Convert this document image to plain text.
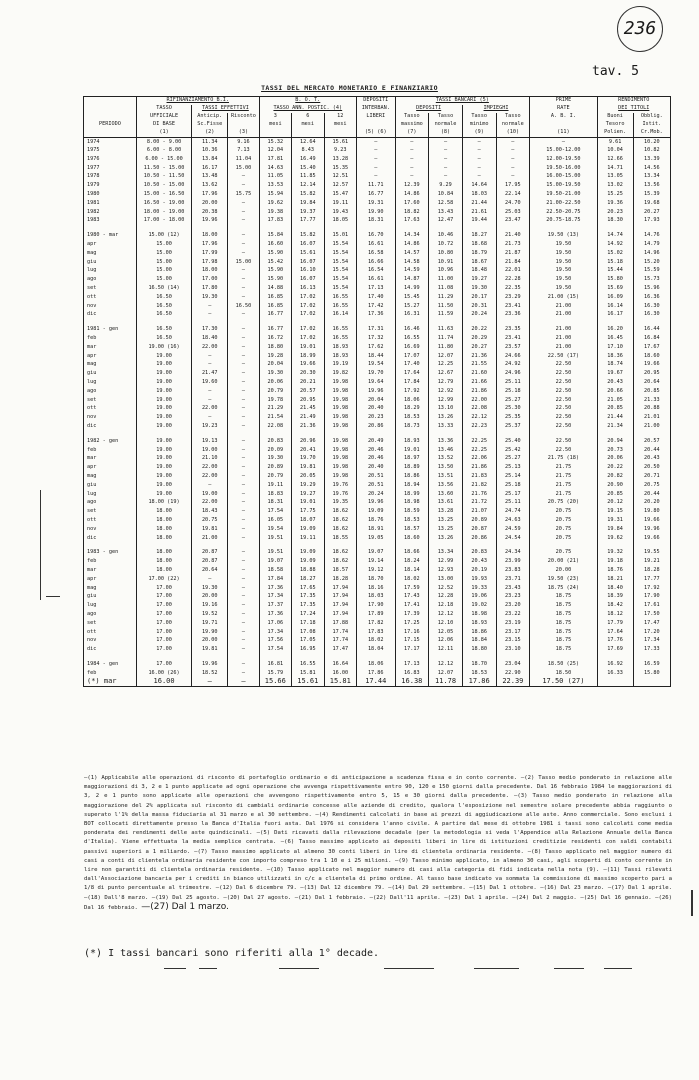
236
tav. 5
TASSI DEL MERCATO MONETARIO E FINANZIARIO
	RIFINANZIAMENTO B.I.			B. O. T.			DEPOSITI	TASSI BANCARI (5)				PRIME	RENDIMENTO	
	TASSO	TASSI EFFETTIVI		TASSO ANN. POSTIC. (4)			INTERBAN.	DEPOSITI		IMPIEGHI		RATE	DEI TITOLI	
	UFFICIALE	Anticip.	Risconto	3	6	12	LIBERI	Tasso	Tasso	Tasso	Tasso	A. B. I.	Buoni	Obblig.
PERIODO	DI BASE	Sc.Fisse		mesi	mesi	mesi		massimo	normale	minimo	normale		Tesoro	Istit.
	(1)	(2)	(3)				(5) (6)	(7)	(8)	(9)	(10)	(11)	Polien.	Cr.Mob.
1974	8.00 - 9.00	11.34	9.16	15.32	12.64	15.61	—	—	—	—	—	—	9.61	10.20
1975	6.00 - 8.00	10.36	7.13	12.04	8.43	9.23	—	—	—	—	—	15.00-12.00	10.04	10.82
1976	6.00 - 15.00	13.84	11.04	17.81	16.49	13.28	—	—	—	—	—	12.00-19.50	12.66	13.39
1977	11.50 - 15.00	16.17	15.00	14.63	15.40	15.35	—	—	—	—	—	19.50-16.00	14.71	14.56
1978	10.50 - 11.50	13.48	—	11.05	11.85	12.51	—	—	—	—	—	16.00-15.00	13.05	13.34
1979	10.50 - 15.00	13.62	—	13.53	12.14	12.57	11.71	12.39	9.29	14.64	17.95	15.00-19.50	13.02	13.56
1980	15.00 - 16.50	17.96	15.75	15.94	15.82	15.47	16.77	14.86	10.84	18.03	22.14	19.50-21.00	15.25	15.39
1981	16.50 - 19.00	20.00	—	19.62	19.84	19.11	19.31	17.60	12.58	21.44	24.70	21.00-22.50	19.36	19.68
1982	18.00 - 19.00	20.38	—	19.38	19.37	19.43	19.90	18.82	13.43	21.61	25.03	22.50-20.75	20.23	20.27
1983	17.00 - 18.00	19.96	—	17.83	17.77	18.05	18.31	17.63	12.47	19.44	23.47	20.75-18.75	18.30	17.93

1980 - mar	15.00 (12)	18.00	—	15.84	15.82	15.01	16.70	14.34	10.46	18.27	21.40	19.50 (13)	14.74	14.76
apr	15.00	17.96	—	16.60	16.07	15.54	16.61	14.86	10.72	18.68	21.73	19.50	14.92	14.79
mag	15.00	17.99	—	15.90	15.61	15.54	16.58	14.57	10.80	18.79	21.87	19.50	15.02	14.96
giu	15.00	17.98	15.00	15.42	16.07	15.54	16.66	14.58	10.91	18.67	21.84	19.50	15.18	15.20
lug	15.00	18.00	—	15.90	16.10	15.54	16.54	14.59	10.96	18.48	22.01	19.50	15.44	15.59
ago	15.00	17.00	—	15.90	16.07	15.54	16.61	14.87	11.00	19.27	22.28	19.50	15.80	15.73
set	16.50 (14)	17.80	—	14.88	16.13	15.54	17.13	14.99	11.08	19.30	22.35	19.50	15.69	15.96
ott	16.50	19.30	—	16.85	17.02	16.55	17.40	15.45	11.29	20.17	23.29	21.00 (15)	16.09	16.36
nov	16.50	—	16.50	16.85	17.02	16.55	17.42	15.27	11.50	20.31	23.41	21.00	16.14	16.30
dic	16.50	—	—	16.77	17.02	16.14	17.36	16.31	11.59	20.24	23.36	21.00	16.17	16.30

1981 - gen	16.50	17.30	—	16.77	17.02	16.55	17.31	16.46	11.63	20.22	23.35	21.00	16.20	16.44
feb	16.50	18.40	—	16.72	17.02	16.55	17.32	16.55	11.74	20.29	23.41	21.00	16.45	16.84
mar	19.00 (16)	22.00	—	18.80	19.01	18.93	17.62	16.69	11.80	20.27	23.57	21.00	17.10	17.67
apr	19.00	—	—	19.28	18.99	18.93	18.44	17.07	12.07	21.36	24.66	22.50 (17)	18.36	18.60
mag	19.00	—	—	20.04	19.66	19.19	19.54	17.40	12.25	21.55	24.92	22.50	18.74	19.66
giu	19.00	21.47	—	19.30	20.30	19.82	19.70	17.64	12.67	21.60	24.96	22.50	19.67	20.95
lug	19.00	19.60	—	20.06	20.21	19.98	19.64	17.84	12.79	21.66	25.11	22.50	20.43	20.64
ago	19.00	—	—	20.79	20.57	19.98	19.96	17.92	12.92	21.86	25.18	22.50	20.66	20.85
set	19.00	—	—	19.78	20.95	19.98	20.04	18.06	12.99	22.00	25.27	22.50	21.05	21.33
ott	19.00	22.00	—	21.29	21.45	19.98	20.40	18.29	13.10	22.08	25.30	22.50	20.85	20.88
nov	19.00	—	—	21.54	21.49	19.98	20.23	18.53	13.26	22.12	25.35	22.50	21.44	21.01
dic	19.00	19.23	—	22.08	21.36	19.98	20.86	18.73	13.33	22.23	25.37	22.50	21.34	21.00

1982 - gen	19.00	19.13	—	20.83	20.96	19.98	20.49	18.93	13.36	22.25	25.40	22.50	20.94	20.57
feb	19.00	19.00	—	20.09	20.41	19.98	20.46	19.01	13.46	22.25	25.42	22.50	20.73	20.44
mar	19.00	21.10	—	19.30	19.70	19.98	20.46	18.97	13.52	22.06	25.27	21.75 (18)	20.06	20.43
apr	19.00	22.00	—	20.89	19.81	19.98	20.40	18.89	13.50	21.86	25.13	21.75	20.22	20.50
mag	19.00	22.00	—	20.79	20.05	19.98	20.51	18.86	13.51	21.83	25.14	21.75	20.82	20.71
giu	19.00	—	—	19.11	19.29	19.76	20.51	18.94	13.56	21.82	25.18	21.75	20.90	20.75
lug	19.00	19.00	—	18.83	19.27	19.76	20.24	18.99	13.60	21.76	25.17	21.75	20.85	20.44
ago	18.00 (19)	22.00	—	18.31	19.01	19.35	19.96	18.98	13.61	21.72	25.11	20.75 (20)	20.12	20.20
set	18.00	18.43	—	17.54	17.75	18.62	19.09	18.59	13.28	21.07	24.74	20.75	19.15	19.80
ott	18.00	20.75	—	16.05	18.07	18.62	18.76	18.53	13.25	20.89	24.63	20.75	19.31	19.66
nov	18.00	19.81	—	19.54	19.09	18.62	18.91	18.57	13.25	20.87	24.59	20.75	19.84	19.96
dic	18.00	21.00	—	19.51	19.11	18.55	19.05	18.60	13.26	20.86	24.54	20.75	19.62	19.66

1983 - gen	18.00	20.87	—	19.51	19.09	18.62	19.07	18.66	13.34	20.83	24.34	20.75	19.32	19.55
feb	18.00	20.87	—	19.07	19.09	18.62	19.14	18.24	12.99	20.43	23.99	20.00 (21)	19.18	19.21
mar	18.00	20.64	—	18.58	18.88	18.57	19.12	18.14	12.93	20.19	23.83	20.00	18.76	18.28
apr	17.00 (22)	—	—	17.84	18.27	18.28	18.70	18.02	13.00	19.93	23.71	19.50 (23)	18.21	17.77
mag	17.00	19.30	—	17.36	17.65	17.94	18.16	17.59	12.52	19.33	23.43	18.75 (24)	18.40	17.92
giu	17.00	20.00	—	17.34	17.35	17.94	18.03	17.43	12.28	19.06	23.23	18.75	18.39	17.90
lug	17.00	19.16	—	17.37	17.35	17.94	17.90	17.41	12.18	19.02	23.20	18.75	18.42	17.61
ago	17.00	19.52	—	17.36	17.24	17.94	17.89	17.39	12.12	18.98	23.22	18.75	18.12	17.50
set	17.00	19.71	—	17.06	17.18	17.88	17.82	17.25	12.10	18.93	23.19	18.75	17.79	17.47
ott	17.00	19.90	—	17.34	17.08	17.74	17.83	17.16	12.05	18.86	23.17	18.75	17.64	17.20
nov	17.00	20.00	—	17.56	17.05	17.74	18.02	17.15	12.06	18.84	23.15	18.75	17.76	17.34
dic	17.00	19.81	—	17.54	16.95	17.47	18.04	17.17	12.11	18.80	23.10	18.75	17.69	17.33

1984 - gen	17.00	19.96	—	16.81	16.55	16.64	18.06	17.13	12.12	18.70	23.04	18.50 (25)	16.92	16.59
feb	16.00 (26)	18.52	—	15.79	15.81	16.00	17.86	16.83	12.07	18.53	22.90	18.50	16.33	15.80
(*) mar	16.00	—	—	15.66	15.61	15.81	17.44	16.38	11.78	17.86	22.39	17.50 (27)		
—(1) Applicabile alle operazioni di risconto di portafoglio ordinario e di anticipazione a scadenza fissa e in conto corrente. —(2) Tasso medio ponderato in relazione alle maggiorazioni di 3, 2 e 1 punto applicate ad ogni operazione che avvenga rispettivamente entro 90, 120 e 150 giorni dalla precedente. Dal 16 febbraio 1984 le maggiorazioni di 3, 2 e 1 punto sono applicate alle operazioni che avvengono rispettivamente entro 5, 15 e 30 giorni dalla precedente. —(3) Tasso medio ponderato in relazione alla maggiorazione del 2% applicata sul risconto di cambiali ordinarie concesse alle aziende di credito, qualora l'esposizione nel semestre solare precedente abbia raggiunto o superato l'1% della massa fiduciaria al 31 marzo e al 30 settembre. —(4) Rendimenti calcolati in base ai prezzi di aggiudicazione alle aste. Anno commerciale. Sono esclusi i BOT collocati direttamente presso la Banca d'Italia fuori asta. Dal 1976 si considera l'anno civile. A partire dal mese di ottobre 1981 i tassi sono calcolati come media ponderata dei rendimenti delle aste quindicinali. —(5) Dati ricavati dalla rilevazione decadale (per la metodologia si veda l'Appendice alla Relazione Annuale della Banca d'Italia). Viene effettuata la media semplice centrata. —(6) Tasso massimo applicato ai depositi liberi in lire di istituzioni creditizie residenti con saldi contabili passivi superiori a 1 miliardo. —(7) Tasso massimo applicato al almeno 30 conti liberi in lire di clientela ordinaria residente. —(8) Tasso applicato nel maggior numero di casi a conti di clientela ordinaria residente con importo compreso tra 1 10 e i 25 milioni. —(9) Tasso minimo applicato, in almeno 30 casi, agli scoperti di conto corrente in lire non garantiti di clientela ordinaria residente. —(10) Tasso applicato nel maggior numero di casi alla categoria di fidi indicata nella nota (9). —(11) Tassi rilevati dall'Associazione bancaria per i crediti in bianco utilizzati in c/c a clientela di primo ordine. Al tasso base indicato va sommata la commissione di massimo scoperto pari a 1/8 di punto percentuale al trimestre. —(12) Dal 6 dicembre 79. —(13) Dal 12 dicembre 79. —(14) Dal 29 settembre. —(15) Dal 1 ottobre. —(16) Dal 23 marzo. —(17) Dal 1 aprile. —(18) Dall'8 marzo. —(19) Dal 25 agosto. —(20) Dal 27 agosto. —(21) Dal 1 febbraio. —(22) Dall'11 aprile. —(23) Dal 1 aprile. —(24) Dal 2 maggio. —(25) Dal 16 gennaio. —(26) Dal 16 febbraio. —(27) Dal 1 marzo.
(*) I tassi bancari sono riferiti alla 1° decade.
